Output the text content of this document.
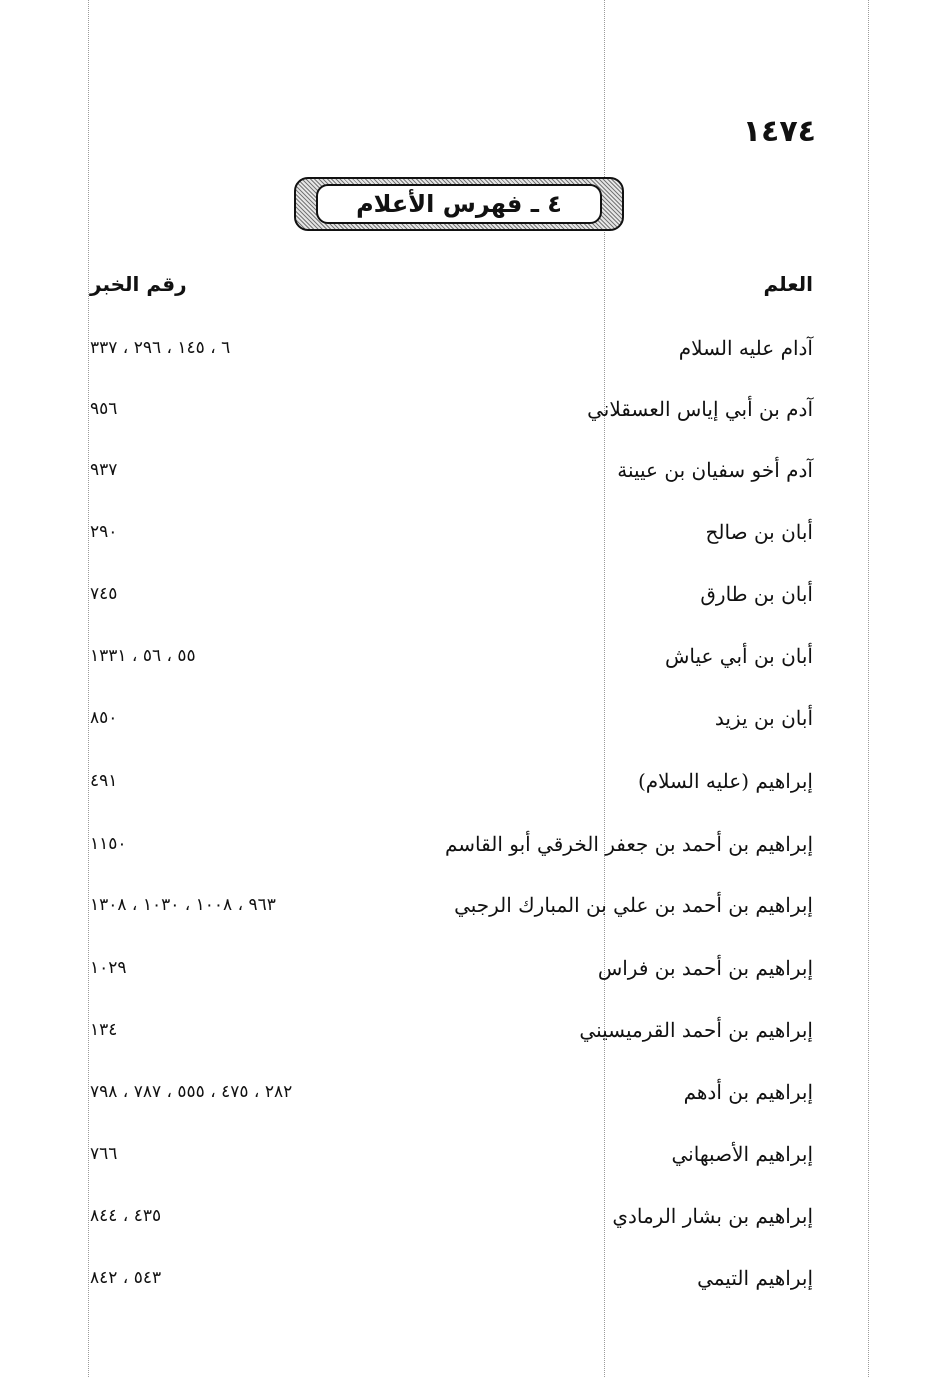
١٤٧٤
٤ ـ فهرس الأعلام
العلم
رقم الخبر
آدام عليه السلام
٦ ، ١٤٥ ، ٢٩٦ ، ٣٣٧
آدم بن أبي إياس العسقلاني
٩٥٦
آدم أخو سفيان بن عيينة
٩٣٧
أبان بن صالح
٢٩٠
أبان بن طارق
٧٤٥
أبان بن أبي عياش
٥٥ ، ٥٦ ، ١٣٣١
أبان بن يزيد
٨٥٠
إبراهيم (عليه السلام)
٤٩١
إبراهيم بن أحمد بن جعفر الخرقي أبو القاسم
١١٥٠
إبراهيم بن أحمد بن علي بن المبارك الرجبي
٩٦٣ ، ١٠٠٨ ، ١٠٣٠ ، ١٣٠٨
إبراهيم بن أحمد بن فراس
١٠٢٩
إبراهيم بن أحمد القرميسيني
١٣٤
إبراهيم بن أدهم
٢٨٢ ، ٤٧٥ ، ٥٥٥ ، ٧٨٧ ، ٧٩٨
إبراهيم الأصبهاني
٧٦٦
إبراهيم بن بشار الرمادي
٤٣٥ ، ٨٤٤
إبراهيم التيمي
٥٤٣ ، ٨٤٢
